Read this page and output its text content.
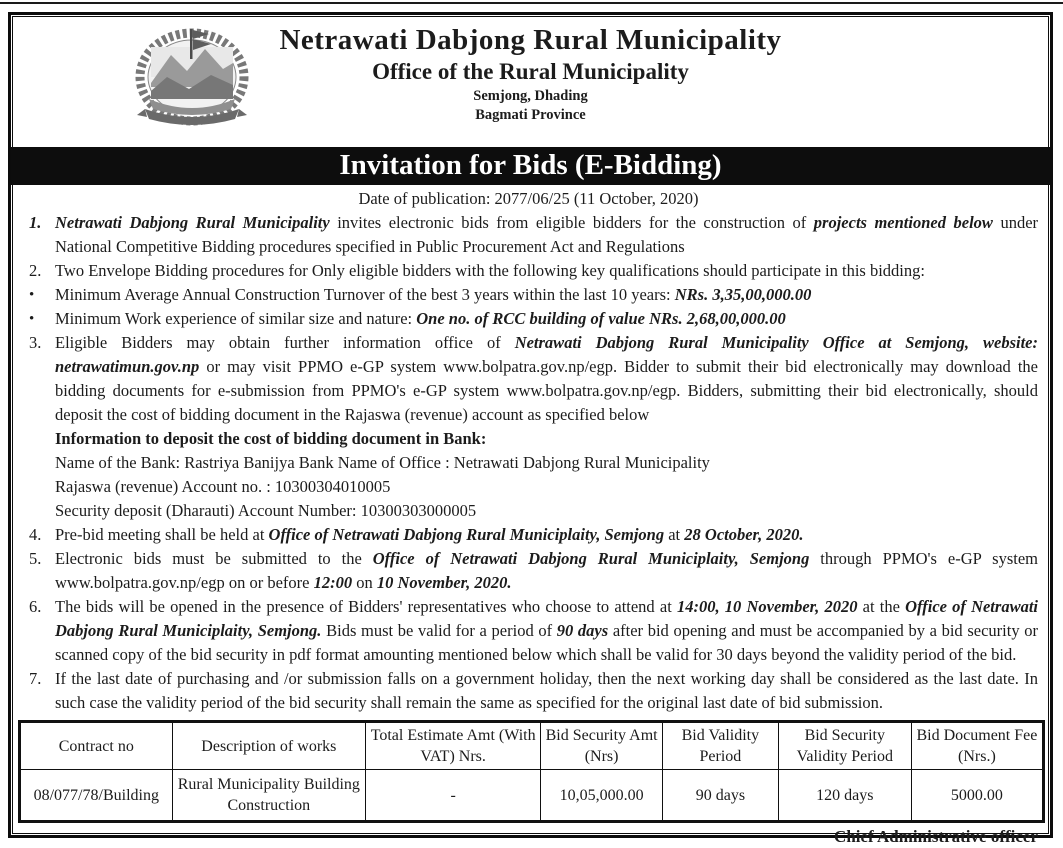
Netrawati Dabjong Rural Municipality
Office of the Rural Municipality
Semjong, Dhading
Bagmati Province
Invitation for Bids (E-Bidding)
Date of publication: 2077/06/25 (11 October, 2020)
1. Netrawati Dabjong Rural Municipality invites electronic bids from eligible bidders for the construction of projects mentioned below under National Competitive Bidding procedures specified in Public Procurement Act and Regulations
2. Two Envelope Bidding procedures for Only eligible bidders with the following key qualifications should participate in this bidding:
•	Minimum Average Annual Construction Turnover of the best 3 years within the last 10 years: NRs. 3,35,00,000.00
•	Minimum Work experience of similar size and nature: One no. of RCC building of value NRs. 2,68,00,000.00
3. Eligible Bidders may obtain further information office of Netrawati Dabjong Rural Municipality Office at Semjong, website: netrawatimun.gov.np or may visit PPMO e-GP system www.bolpatra.gov.np/egp. Bidder to submit their bid electronically may download the bidding documents for e-submission from PPMO's e-GP system www.bolpatra.gov.np/egp. Bidders, submitting their bid electronically, should deposit the cost of bidding document in the Rajaswa (revenue) account as specified below
Information to deposit the cost of bidding document in Bank:
Name of the Bank: Rastriya Banijya Bank Name of Office : Netrawati Dabjong Rural Municipality
Rajaswa (revenue) Account no. : 10300304010005
Security deposit (Dharauti) Account Number: 10300303000005
4. Pre-bid meeting shall be held at Office of Netrawati Dabjong Rural Municiplaity, Semjong at 28 October, 2020.
5. Electronic bids must be submitted to the Office of Netrawati Dabjong Rural Municiplaity, Semjong through PPMO's e-GP system www.bolpatra.gov.np/egp on or before 12:00 on 10 November, 2020.
6. The bids will be opened in the presence of Bidders' representatives who choose to attend at 14:00, 10 November, 2020 at the Office of Netrawati Dabjong Rural Municiplaity, Semjong. Bids must be valid for a period of 90 days after bid opening and must be accompanied by a bid security or scanned copy of the bid security in pdf format amounting mentioned below which shall be valid for 30 days beyond the validity period of the bid.
7. If the last date of purchasing and /or submission falls on a government holiday, then the next working day shall be considered as the last date. In such case the validity period of the bid security shall remain the same as specified for the original last date of bid submission.
Contract no	Description of works	Total Estimate Amt (With VAT) Nrs.	Bid Security Amt (Nrs)	Bid Validity Period	Bid Security Validity Period	Bid Document Fee (Nrs.)
08/077/78/Building	Rural Municipality Building Construction	-	10,05,000.00	90 days	120 days	5000.00
Chief Administrative officer
